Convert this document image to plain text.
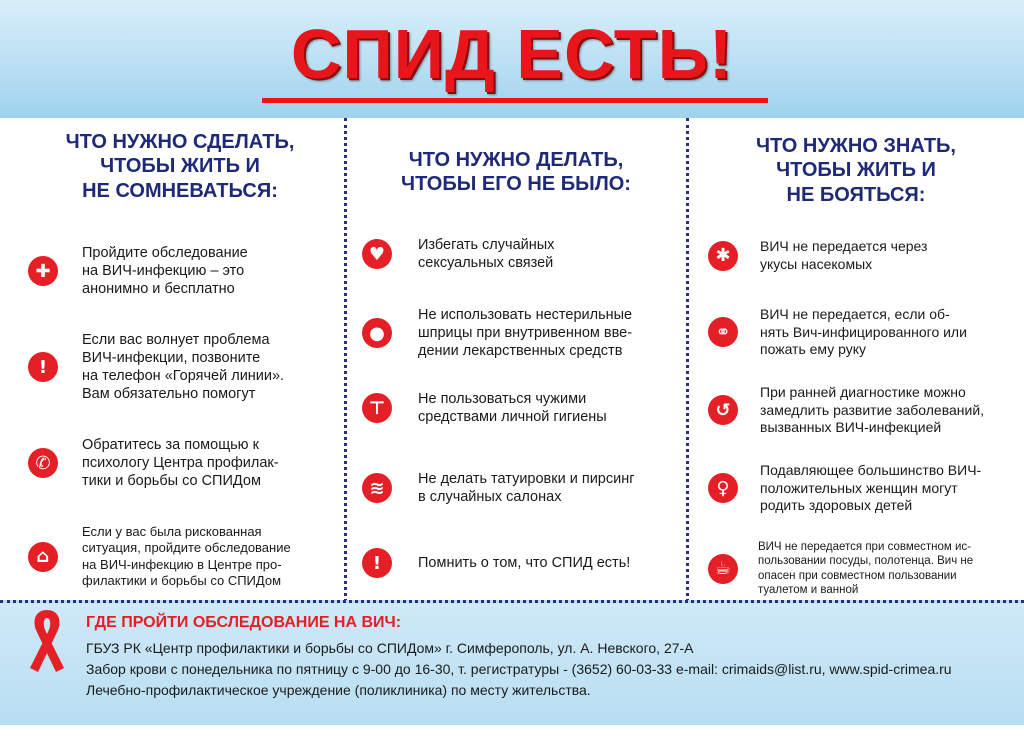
СПИД ЕСТЬ!
ЧТО НУЖНО СДЕЛАТЬ,
ЧТОБЫ ЖИТЬ И
НЕ СОМНЕВАТЬСЯ:
✚
Пройдите обследование
на ВИЧ-инфекцию – это
анонимно и бесплатно
!
Если вас волнует проблема
ВИЧ-инфекции, позвоните
на телефон «Горячей линии».
Вам обязательно помогут
✆
Обратитесь за помощью к
психологу Центра профилак-
тики и борьбы со СПИДом
⌂
Если у вас была рискованная
ситуация, пройдите обследование
на ВИЧ-инфекцию в Центре про-
филактики и борьбы со СПИДом
ЧТО НУЖНО ДЕЛАТЬ,
ЧТОБЫ ЕГО НЕ БЫЛО:
♥	Избегать случайных
сексуальных связей
●
Не использовать нестерильные
шприцы при внутривенном вве-
дении лекарственных средств
⊤	Не пользоваться чужими
средствами личной гигиены
≋	Не делать татуировки и пирсинг
в случайных салонах
!	Помнить о том, что СПИД есть!
ЧТО НУЖНО ЗНАТЬ,
ЧТОБЫ ЖИТЬ И
НЕ БОЯТЬСЯ:
✱	ВИЧ не передается через
укусы насекомых
⚭
ВИЧ не передается, если об-
нять Вич-инфицированного или
пожать ему руку
↺
При ранней диагностике можно
замедлить развитие заболеваний,
вызванных ВИЧ-инфекцией
♀
Подавляющее большинство ВИЧ-
положительных женщин могут
родить здоровых детей
☕
ВИЧ не передается при совместном ис-
пользовании посуды, полотенца. Вич не
опасен при совместном пользовании
туалетом и ванной
ГДЕ ПРОЙТИ ОБСЛЕДОВАНИЕ НА ВИЧ:
ГБУЗ РК «Центр профилактики и борьбы со СПИДом» г. Симферополь, ул. А. Невского, 27-А
Забор крови с понедельника по пятницу с 9-00 до 16-30, т. регистратуры - (3652) 60-03-33 e-mail: crimaids@list.ru, www.spid-crimea.ru
Лечебно-профилактическое учреждение (поликлиника) по месту жительства.
